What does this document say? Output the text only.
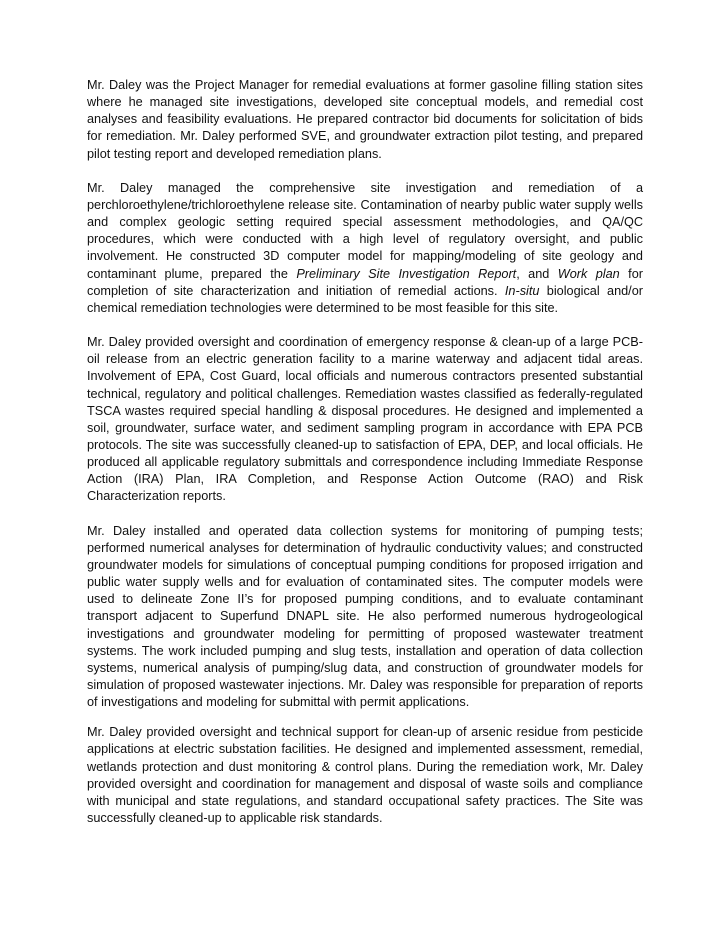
Mr. Daley was the Project Manager for remedial evaluations at former gasoline filling station sites where he managed site investigations, developed site conceptual models, and remedial cost analyses and feasibility evaluations. He prepared contractor bid documents for solicitation of bids for remediation. Mr. Daley performed SVE, and groundwater extraction pilot testing, and prepared pilot testing report and developed remediation plans.

Mr. Daley managed the comprehensive site investigation and remediation of a perchloroethylene/trichloroethylene release site. Contamination of nearby public water supply wells and complex geologic setting required special assessment methodologies, and QA/QC procedures, which were conducted with a high level of regulatory oversight, and public involvement. He constructed 3D computer model for mapping/modeling of site geology and contaminant plume, prepared the Preliminary Site Investigation Report, and Work plan for completion of site characterization and initiation of remedial actions. In-situ biological and/or chemical remediation technologies were determined to be most feasible for this site.

Mr. Daley provided oversight and coordination of emergency response & clean-up of a large PCB-oil release from an electric generation facility to a marine waterway and adjacent tidal areas. Involvement of EPA, Cost Guard, local officials and numerous contractors presented substantial technical, regulatory and political challenges. Remediation wastes classified as federally-regulated TSCA wastes required special handling & disposal procedures. He designed and implemented a soil, groundwater, surface water, and sediment sampling program in accordance with EPA PCB protocols. The site was successfully cleaned-up to satisfaction of EPA, DEP, and local officials. He produced all applicable regulatory submittals and correspondence including Immediate Response Action (IRA) Plan, IRA Completion, and Response Action Outcome (RAO) and Risk Characterization reports.

Mr. Daley installed and operated data collection systems for monitoring of pumping tests; performed numerical analyses for determination of hydraulic conductivity values; and constructed groundwater models for simulations of conceptual pumping conditions for proposed irrigation and public water supply wells and for evaluation of contaminated sites. The computer models were used to delineate Zone II’s for proposed pumping conditions, and to evaluate contaminant transport adjacent to Superfund DNAPL site. He also performed numerous hydrogeological investigations and groundwater modeling for permitting of proposed wastewater treatment systems. The work included pumping and slug tests, installation and operation of data collection systems, numerical analysis of pumping/slug data, and construction of groundwater models for simulation of proposed wastewater injections. Mr. Daley was responsible for preparation of reports of investigations and modeling for submittal with permit applications.

Mr. Daley provided oversight and technical support for clean-up of arsenic residue from pesticide applications at electric substation facilities. He designed and implemented assessment, remedial, wetlands protection and dust monitoring & control plans. During the remediation work, Mr. Daley provided oversight and coordination for management and disposal of waste soils and compliance with municipal and state regulations, and standard occupational safety practices. The Site was successfully cleaned-up to applicable risk standards.
